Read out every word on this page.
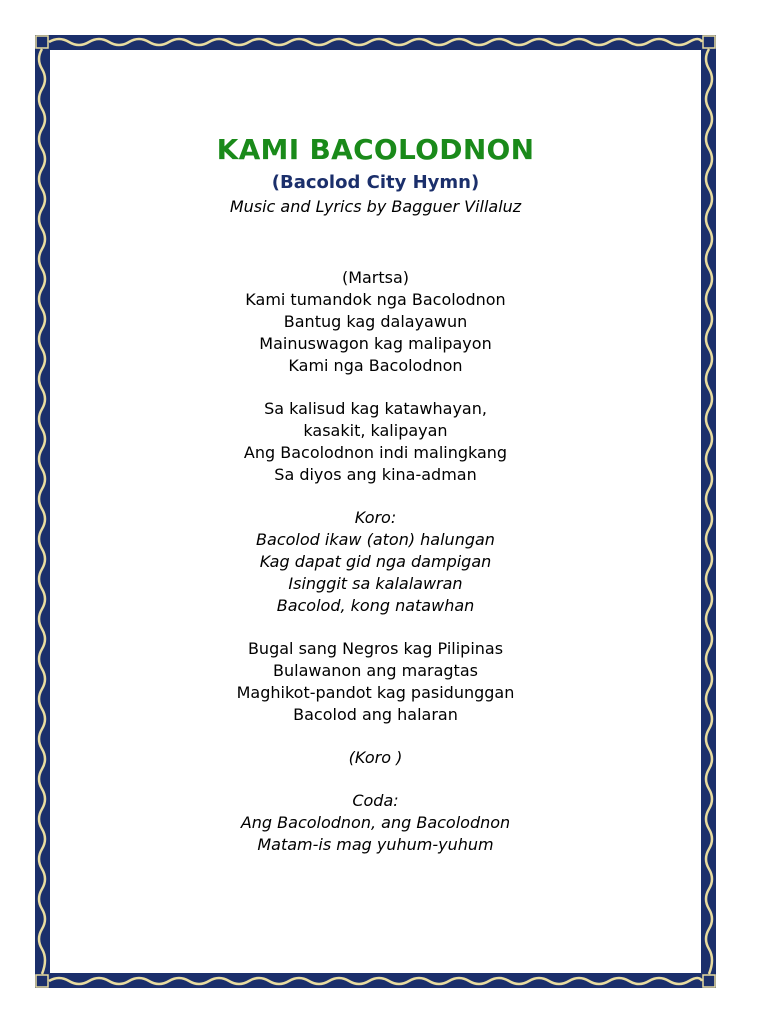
KAMI BACOLODNON

(Bacolod City Hymn)

Music and Lyrics by Bagguer Villaluz

(Martsa)
Kami tumandok nga Bacolodnon
Bantug kag dalayawun
Mainuswagon kag malipayon
Kami nga Bacolodnon
Sa kalisud kag katawhayan,
kasakit, kalipayan
Ang Bacolodnon indi malingkang
Sa diyos ang kina-adman
Koro:
Bacolod ikaw (aton) halungan
Kag dapat gid nga dampigan
Isinggit sa kalalawran
Bacolod, kong natawhan
Bugal sang Negros kag Pilipinas
Bulawanon ang maragtas
Maghikot-pandot kag pasidunggan
Bacolod ang halaran
(Koro )
Coda:
Ang Bacolodnon, ang Bacolodnon
Matam-is mag yuhum-yuhum
